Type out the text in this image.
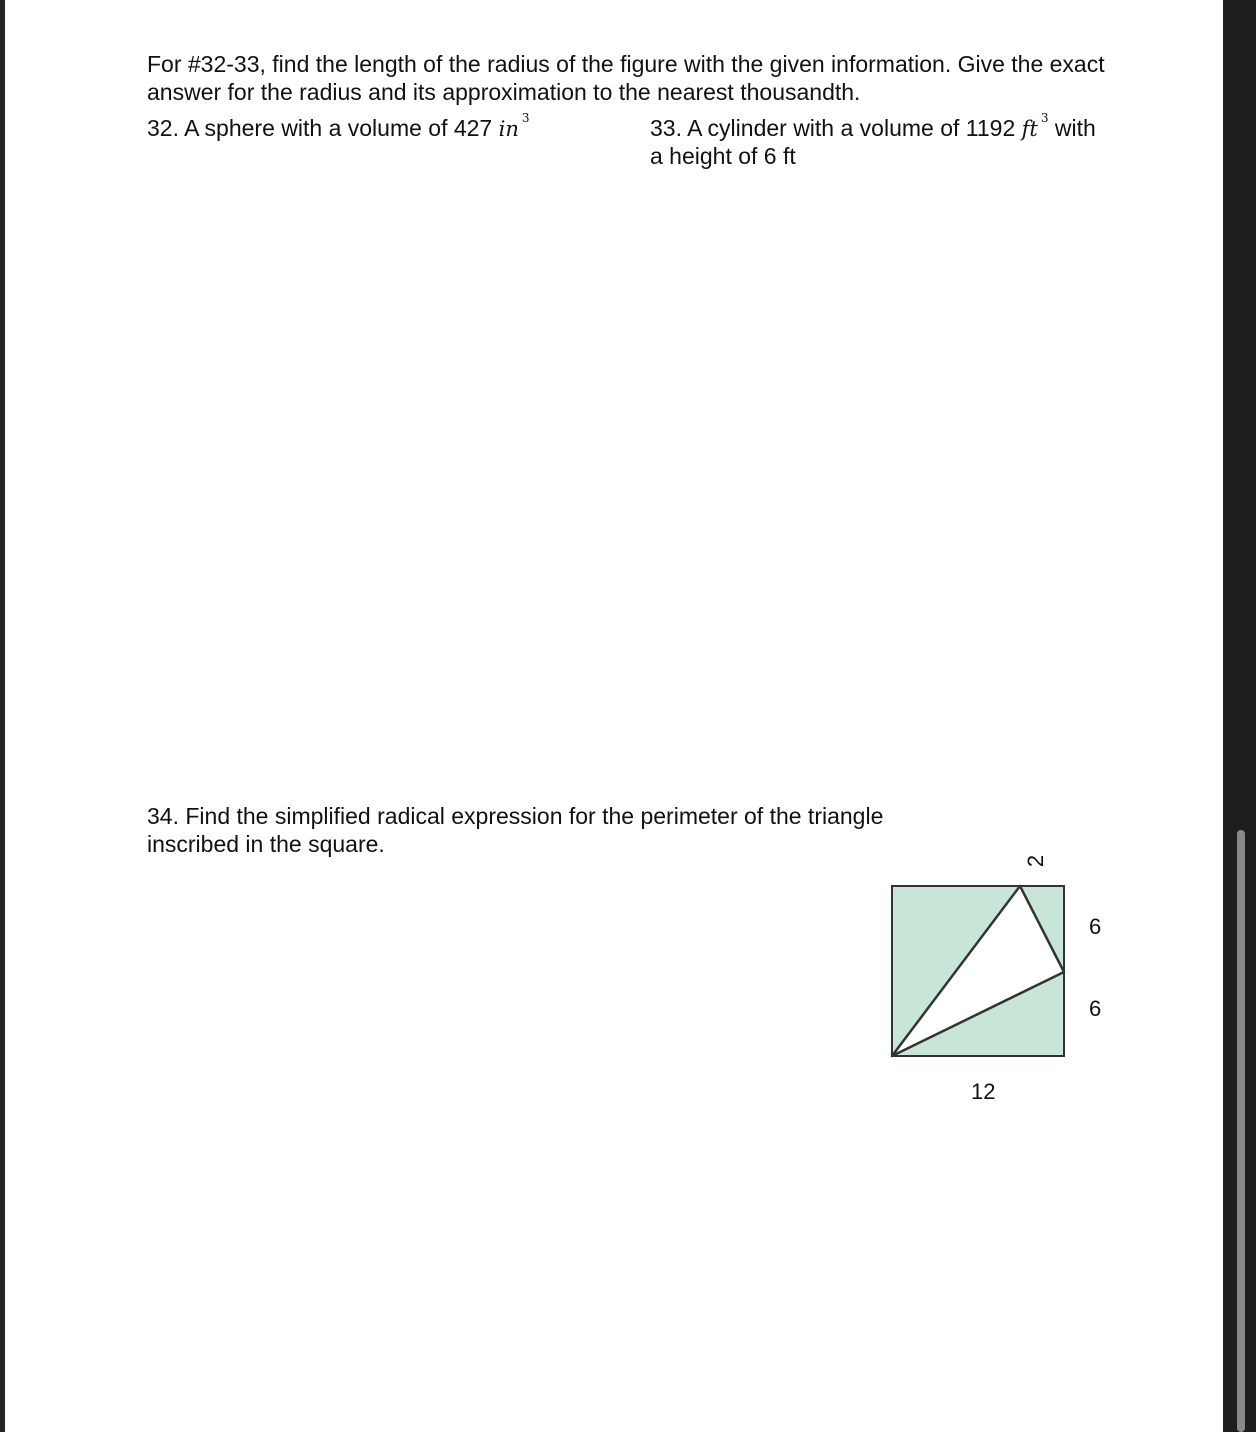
For #32-33, find the length of the radius of the figure with the given information. Give the exact
answer for the radius and its approximation to the nearest thousandth.
32. A sphere with a volume of 427 in $^3$	33. A cylinder with a volume of 1192 ft $^3$ with
a height of 6 ft
34. Find the simplified radical expression for the perimeter of the triangle
inscribed in the square.
2
6
6
12
